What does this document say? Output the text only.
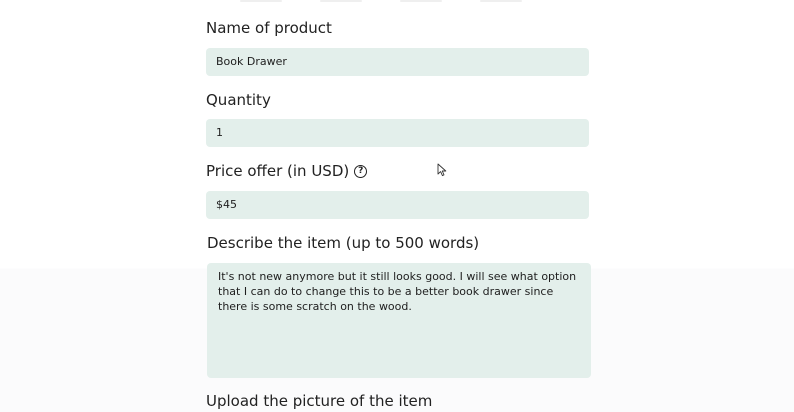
Name of product
Book Drawer
Quantity
1
Price offer (in USD) ?
$45
Describe the item (up to 500 words)
It's not new anymore but it still looks good. I will see what option that I can do to change this to be a better book drawer since there is some scratch on the wood.
Upload the picture of the item
